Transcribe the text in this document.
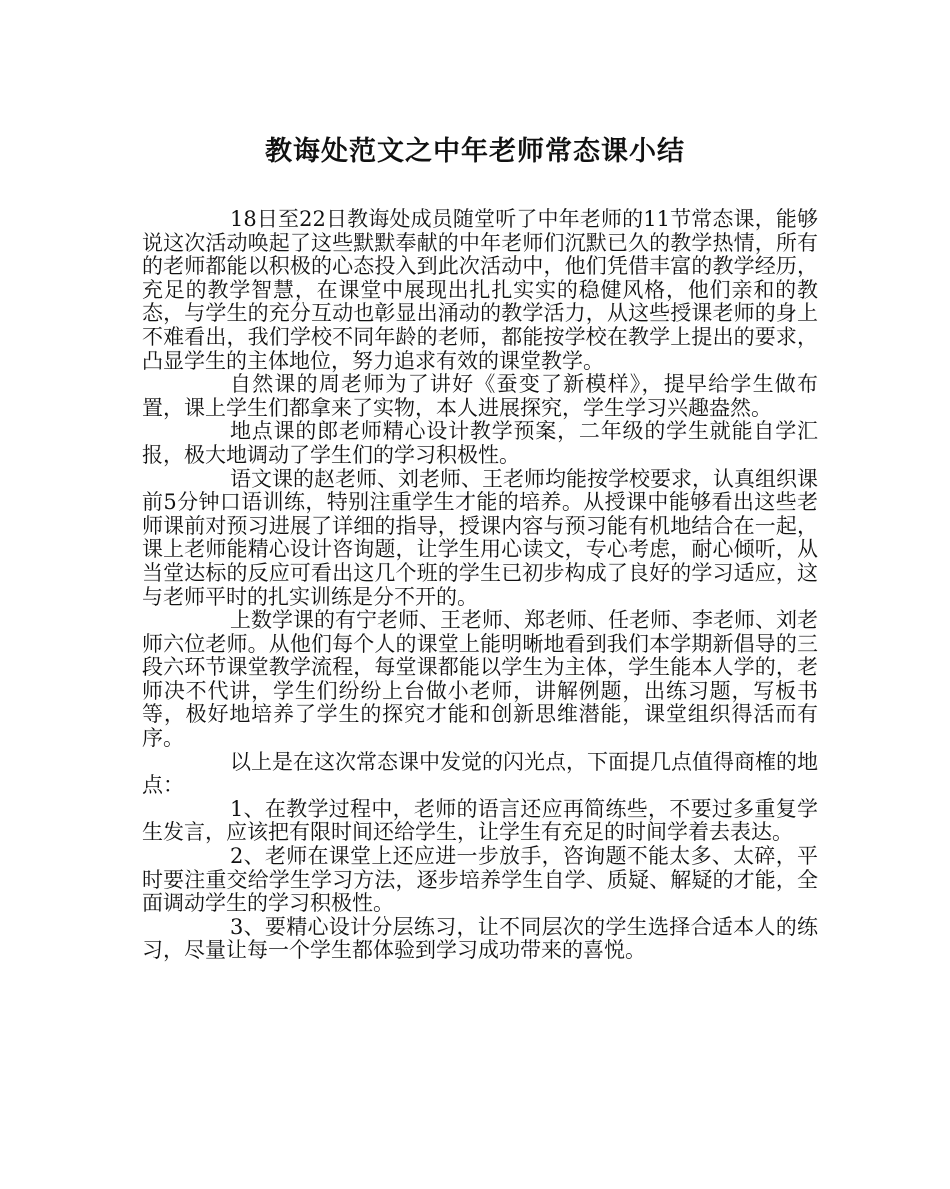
教诲处范文之中年老师常态课小结

18日至22日教诲处成员随堂听了中年老师的11节常态课，能够说这次活动唤起了这些默默奉献的中年老师们沉默已久的教学热情，所有的老师都能以积极的心态投入到此次活动中，他们凭借丰富的教学经历，充足的教学智慧，在课堂中展现出扎扎实实的稳健风格，他们亲和的教态，与学生的充分互动也彰显出涌动的教学活力，从这些授课老师的身上不难看出，我们学校不同年龄的老师，都能按学校在教学上提出的要求，凸显学生的主体地位，努力追求有效的课堂教学。

自然课的周老师为了讲好《蚕变了新模样》，提早给学生做布置，课上学生们都拿来了实物，本人进展探究，学生学习兴趣盎然。

地点课的郎老师精心设计教学预案，二年级的学生就能自学汇报，极大地调动了学生们的学习积极性。

语文课的赵老师、刘老师、王老师均能按学校要求，认真组织课前5分钟口语训练，特别注重学生才能的培养。从授课中能够看出这些老师课前对预习进展了详细的指导，授课内容与预习能有机地结合在一起，课上老师能精心设计咨询题，让学生用心读文，专心考虑，耐心倾听，从当堂达标的反应可看出这几个班的学生已初步构成了良好的学习适应，这与老师平时的扎实训练是分不开的。

上数学课的有宁老师、王老师、郑老师、任老师、李老师、刘老师六位老师。从他们每个人的课堂上能明晰地看到我们本学期新倡导的三段六环节课堂教学流程，每堂课都能以学生为主体，学生能本人学的，老师决不代讲，学生们纷纷上台做小老师，讲解例题，出练习题，写板书等，极好地培养了学生的探究才能和创新思维潜能，课堂组织得活而有序。

以上是在这次常态课中发觉的闪光点，下面提几点值得商榷的地点：

1、在教学过程中，老师的语言还应再简练些，不要过多重复学生发言，应该把有限时间还给学生，让学生有充足的时间学着去表达。

2、老师在课堂上还应进一步放手，咨询题不能太多、太碎，平时要注重交给学生学习方法，逐步培养学生自学、质疑、解疑的才能，全面调动学生的学习积极性。

3、要精心设计分层练习，让不同层次的学生选择合适本人的练习，尽量让每一个学生都体验到学习成功带来的喜悦。
